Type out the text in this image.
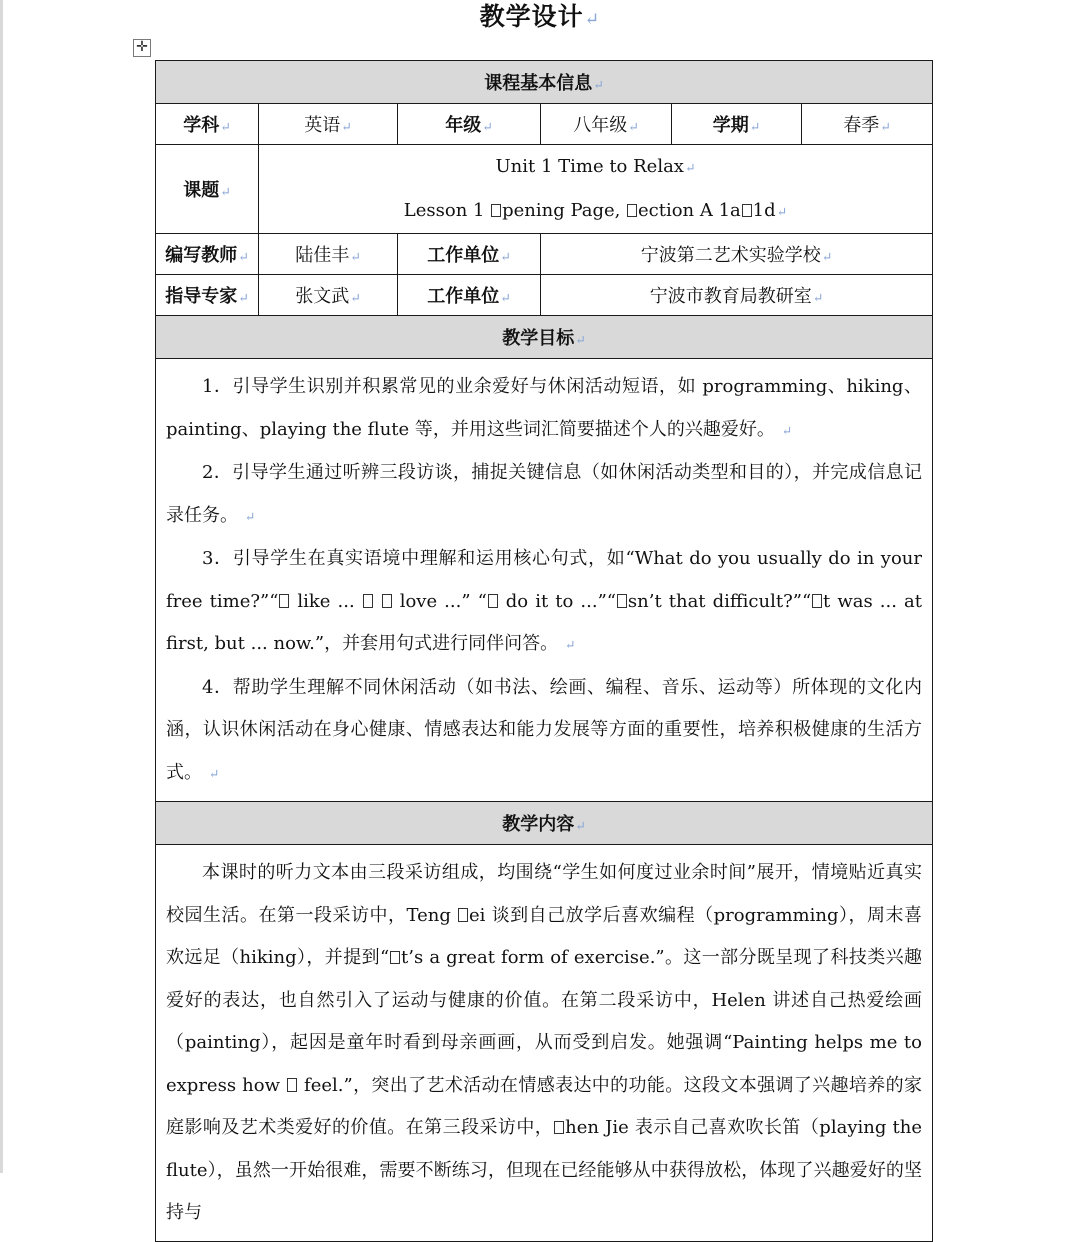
教学设计↵
✛
课程基本信息↵					
学科↵	英语↵	年级↵	八年级↵	学期↵	春季↵
课题↵	Unit 1 Time to Relax↵
Lesson 1 pening Page, ection A 1a 1d↵				

编写教师↵	陆佳丰↵	工作单位↵	宁波第二艺术实验学校↵		
指导专家↵	张文武↵	工作单位↵	宁波市教育局教研室↵		
教学目标↵					

1．引导学生识别并积累常见的业余爱好与休闲活动短语，如 programming、hiking、painting、playing the flute 等，并用这些词汇简要描述个人的兴趣爱好。 ↵

2．引导学生通过听辨三段访谈，捕捉关键信息（如休闲活动类型和目的），并完成信息记录任务。 ↵

3．引导学生在真实语境中理解和运用核心句式，如“What do you usually do in your free time?”“ like ...   love ...” “ do it to ...”“ sn’t that difficult?”“ t was ... at first, but ... now.”，并套用句式进行同伴问答。 ↵

4．帮助学生理解不同休闲活动（如书法、绘画、编程、音乐、运动等）所体现的文化内涵，认识休闲活动在身心健康、情感表达和能力发展等方面的重要性，培养积极健康的生活方式。 ↵					

教学内容↵					

本课时的听力文本由三段采访组成，均围绕“学生如何度过业余时间”展开，情境贴近真实校园生活。在第一段采访中，Teng ei 谈到自己放学后喜欢编程（programming），周末喜欢远足（hiking），并提到“ t’s a great form of exercise.”。这一部分既呈现了科技类兴趣爱好的表达，也自然引入了运动与健康的价值。在第二段采访中，Helen 讲述自己热爱绘画（painting），起因是童年时看到母亲画画，从而受到启发。她强调“Painting helps me to express how  feel.”，突出了艺术活动在情感表达中的功能。这段文本强调了兴趣培养的家庭影响及艺术类爱好的价值。在第三段采访中， hen Jie 表示自己喜欢吹长笛（playing the flute），虽然一开始很难，需要不断练习，但现在已经能够从中获得放松，体现了兴趣爱好的坚持与					
